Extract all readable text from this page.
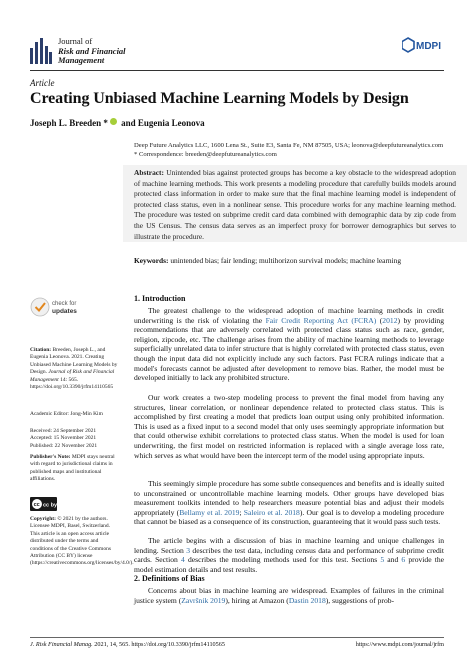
Journal of
Risk and Financial
Management
MDPI
Article
Creating Unbiased Machine Learning Models by Design
Joseph L. Breeden * and Eugenia Leonova
Deep Future Analytics LLC, 1600 Lena St., Suite E3, Santa Fe, NM 87505, USA; leonova@deepfutureanalytics.com
* Correspondence: breeden@deepfutureanalytics.com
Abstract: Unintended bias against protected groups has become a key obstacle to the widespread adoption of machine learning methods. This work presents a modeling procedure that carefully builds models around protected class information in order to make sure that the final machine learning model is independent of protected class status, even in a nonlinear sense. This procedure works for any machine learning method. The procedure was tested on subprime credit card data combined with demographic data by zip code from the US Census. The census data serves as an imperfect proxy for borrower demographics but serves to illustrate the procedure.
Keywords: unintended bias; fair lending; multihorizon survival models; machine learning
check for
updates
Citation: Breeden, Joseph L., and Eugenia Leonova. 2021. Creating Unbiased Machine Learning Models by Design. Journal of Risk and Financial Management 14: 565. https://doi.org/10.3390/jrfm14110565
Academic Editor: Jong-Min Kim
Received: 24 September 2021
Accepted: 15 November 2021
Published: 22 November 2021
Publisher's Note: MDPI stays neutral with regard to jurisdictional claims in published maps and institutional affiliations.
cc cc by
Copyright: © 2021 by the authors. Licensee MDPI, Basel, Switzerland. This article is an open access article distributed under the terms and conditions of the Creative Commons Attribution (CC BY) license (https://creativecommons.org/licenses/by/4.0/).
1. Introduction
The greatest challenge to the widespread adoption of machine learning methods in credit underwriting is the risk of violating the Fair Credit Reporting Act (FCRA) (2012) by providing recommendations that are adversely correlated with protected class status such as race, gender, religion, zipcode, etc. The challenge arises from the ability of machine learning methods to leverage superficially unrelated data to infer structure that is highly correlated with protected class status, even though the input data did not explicitly include any such factors. Past FCRA rulings indicate that a model's forecasts cannot be adjusted after development to remove bias. Rather, the model must be developed initially to lack any prohibited structure.
Our work creates a two-step modeling process to prevent the final model from having any structures, linear correlation, or nonlinear dependence related to protected class status. This is accomplished by first creating a model that predicts loan output using only prohibited information. This is used as a fixed input to a second model that only uses seemingly appropriate information but that could otherwise exhibit correlations to protected class status. When the model is used for loan underwriting, the first model on restricted information is replaced with a single average loss rate, which serves as what would have been the intercept term of the model using appropriate inputs.
This seemingly simple procedure has some subtle consequences and benefits and is ideally suited to unconstrained or uncontrollable machine learning models. Other groups have developed bias measurement toolkits intended to help researchers measure potential bias and adjust their models appropriately (Bellamy et al. 2019; Saleiro et al. 2018). Our goal is to develop a modeling procedure that cannot be biased as a consequence of its construction, guaranteeing that it would pass such tests.
The article begins with a discussion of bias in machine learning and unique challenges in lending. Section 3 describes the test data, including census data and performance of subprime credit cards. Section 4 describes the modeling methods used for this test. Sections 5 and 6 provide the model estimation details and test results.
2. Definitions of Bias
Concerns about bias in machine learning are widespread. Examples of failures in the criminal justice system (Završnik 2019), hiring at Amazon (Dastin 2018), suggestions of prob-
J. Risk Financial Manag. 2021, 14, 565. https://doi.org/10.3390/jrfm14110565	https://www.mdpi.com/journal/jrfm
